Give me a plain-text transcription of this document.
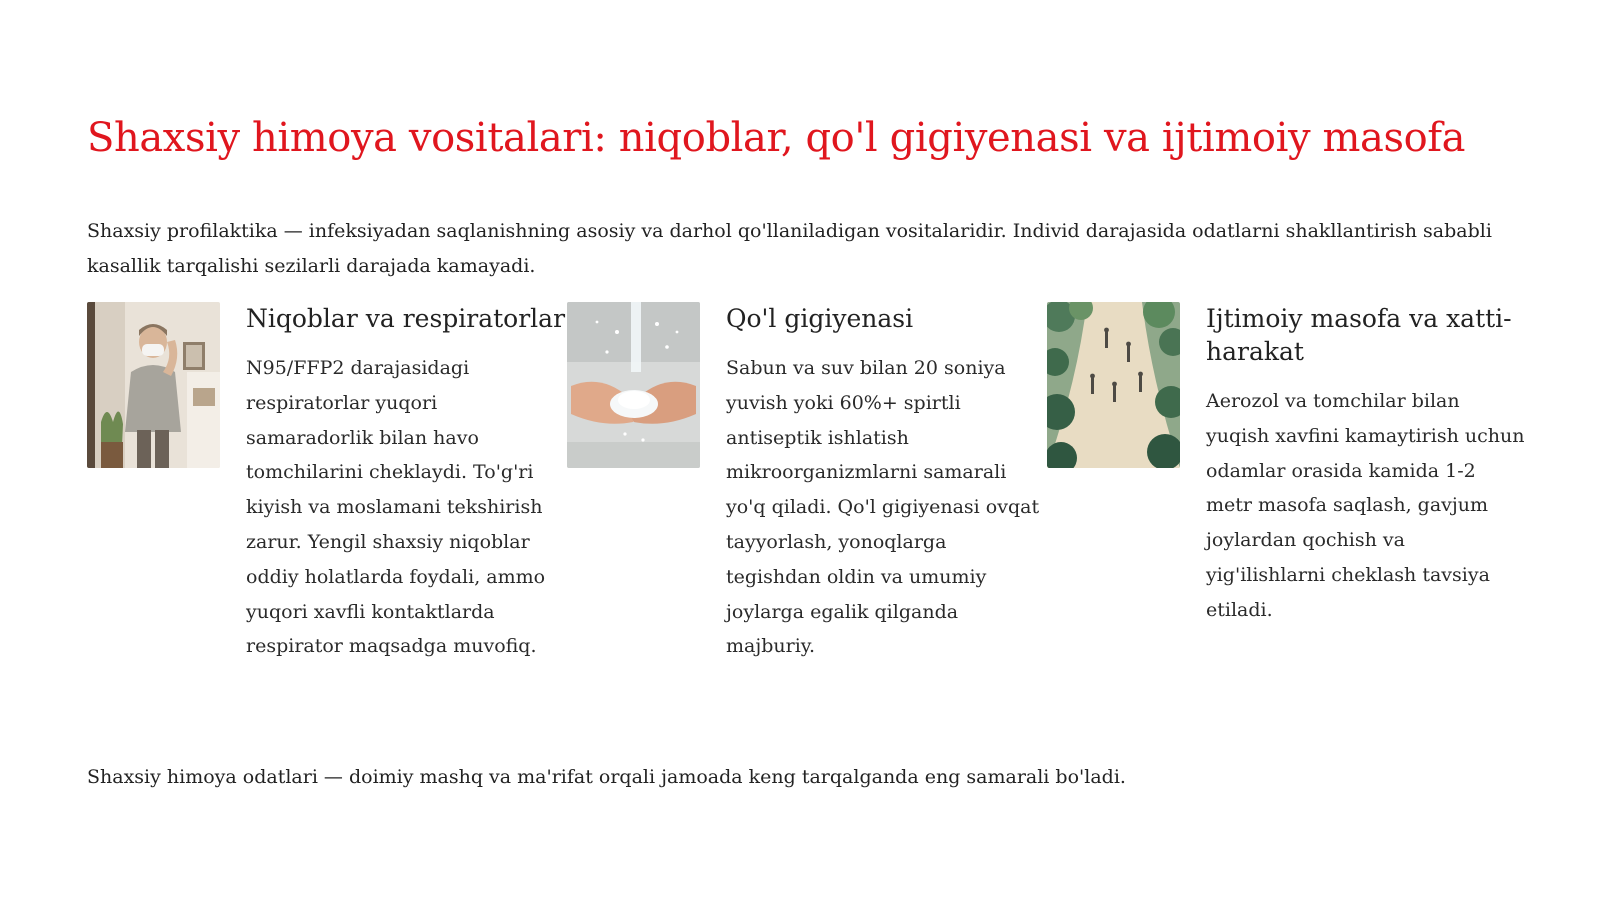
Shaxsiy himoya vositalari: niqoblar, qo'l gigiyenasi va ijtimoiy masofa

Shaxsiy profilaktika — infeksiyadan saqlanishning asosiy va darhol qo'llaniladigan vositalaridir. Individ darajasida odatlarni shakllantirish sababli kasallik tarqalishi sezilarli darajada kamayadi.

Niqoblar va respiratorlar

N95/FFP2 darajasidagi respiratorlar yuqori samaradorlik bilan havo tomchilarini cheklaydi. To'g'ri kiyish va moslamani tekshirish zarur. Yengil shaxsiy niqoblar oddiy holatlarda foydali, ammo yuqori xavfli kontaktlarda respirator maqsadga muvofiq.

Qo'l gigiyenasi

Sabun va suv bilan 20 soniya yuvish yoki 60%+ spirtli antiseptik ishlatish mikroorganizmlarni samarali yo'q qiladi. Qo'l gigiyenasi ovqat tayyorlash, yonoqlarga tegishdan oldin va umumiy joylarga egalik qilganda majburiy.

Ijtimoiy masofa va xatti-harakat

Aerozol va tomchilar bilan yuqish xavfini kamaytirish uchun odamlar orasida kamida 1-2 metr masofa saqlash, gavjum joylardan qochish va yig'ilishlarni cheklash tavsiya etiladi.

Shaxsiy himoya odatlari — doimiy mashq va ma'rifat orqali jamoada keng tarqalganda eng samarali bo'ladi.
